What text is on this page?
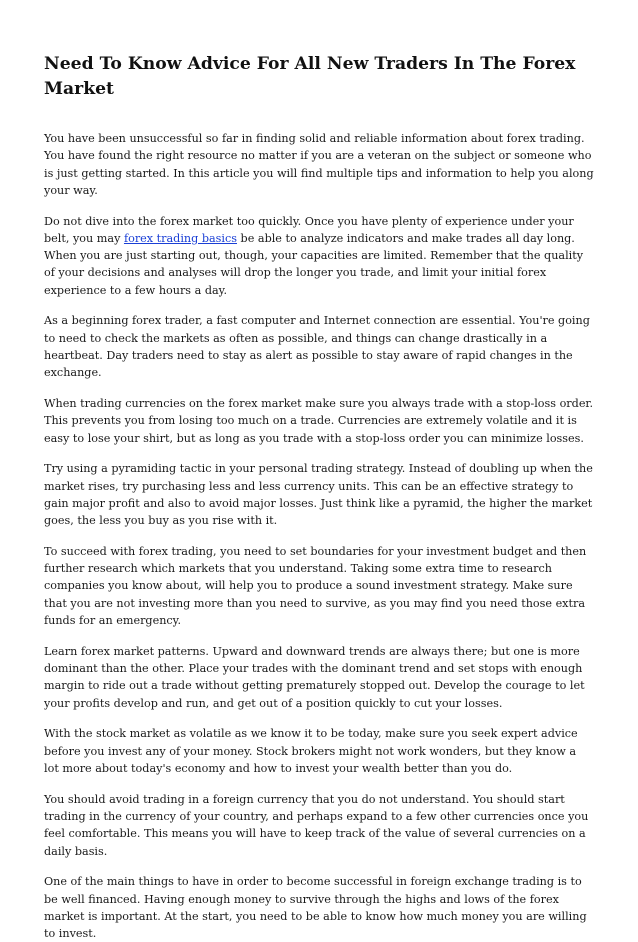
Need To Know Advice For All New Traders In The Forex Market

You have been unsuccessful so far in finding solid and reliable information about forex trading. You have found the right resource no matter if you are a veteran on the subject or someone who is just getting started. In this article you will find multiple tips and information to help you along your way.

Do not dive into the forex market too quickly. Once you have plenty of experience under your belt, you may forex trading basics be able to analyze indicators and make trades all day long. When you are just starting out, though, your capacities are limited. Remember that the quality of your decisions and analyses will drop the longer you trade, and limit your initial forex experience to a few hours a day.

As a beginning forex trader, a fast computer and Internet connection are essential. You're going to need to check the markets as often as possible, and things can change drastically in a heartbeat. Day traders need to stay as alert as possible to stay aware of rapid changes in the exchange.

When trading currencies on the forex market make sure you always trade with a stop-loss order. This prevents you from losing too much on a trade. Currencies are extremely volatile and it is easy to lose your shirt, but as long as you trade with a stop-loss order you can minimize losses.

Try using a pyramiding tactic in your personal trading strategy. Instead of doubling up when the market rises, try purchasing less and less currency units. This can be an effective strategy to gain major profit and also to avoid major losses. Just think like a pyramid, the higher the market goes, the less you buy as you rise with it.

To succeed with forex trading, you need to set boundaries for your investment budget and then further research which markets that you understand. Taking some extra time to research companies you know about, will help you to produce a sound investment strategy. Make sure that you are not investing more than you need to survive, as you may find you need those extra funds for an emergency.

Learn forex market patterns. Upward and downward trends are always there; but one is more dominant than the other. Place your trades with the dominant trend and set stops with enough margin to ride out a trade without getting prematurely stopped out. Develop the courage to let your profits develop and run, and get out of a position quickly to cut your losses.

With the stock market as volatile as we know it to be today, make sure you seek expert advice before you invest any of your money. Stock brokers might not work wonders, but they know a lot more about today's economy and how to invest your wealth better than you do.

You should avoid trading in a foreign currency that you do not understand. You should start trading in the currency of your country, and perhaps expand to a few other currencies once you feel comfortable. This means you will have to keep track of the value of several currencies on a daily basis.

One of the main things to have in order to become successful in foreign exchange trading is to be well financed. Having enough money to survive through the highs and lows of the forex market is important. At the start, you need to be able to know how much money you are willing to invest.
